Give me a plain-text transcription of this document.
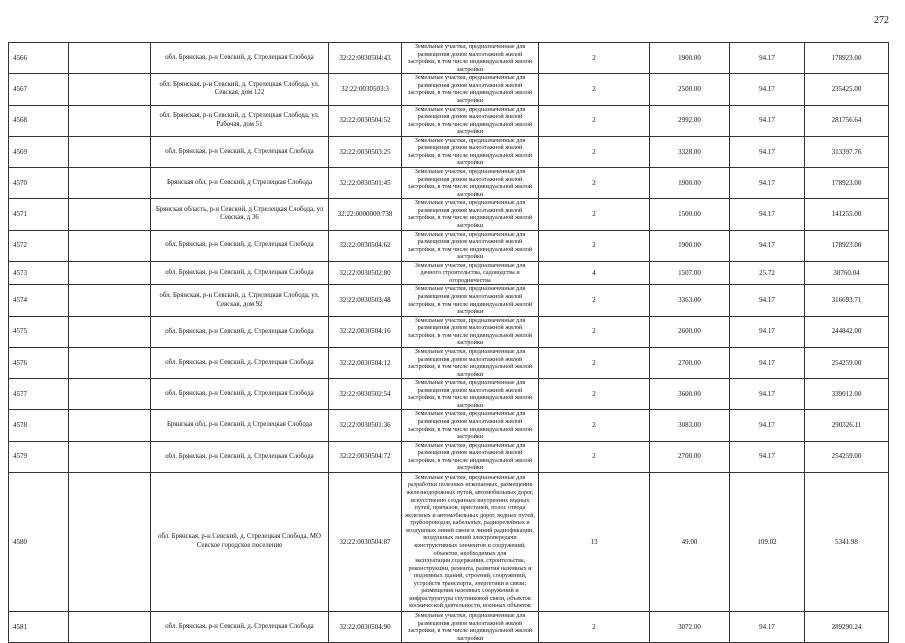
272
4566		обл. Брянская, р-н Севский, д. Стрелецкая Слобода	32:22:0030504:43	Земельные участки, предназначенные для размещения домов малоэтажной жилой застройки, в том числе индивидуальной жилой застройки	2	1900.00	94.17	178923.00
4567		обл. Брянская, р-н Севский, д. Стрелецкая Слобода, ул. Севская, дом 122	32:22:0030503:3	Земельные участки, предназначенные для размещения домов малоэтажной жилой застройки, в том числе индивидуальной жилой застройки	2	2500.00	94.17	235425.00
4568		обл. Брянская, р-н Севский, д. Стрелецкая Слобода, ул. Рабочая, дом 51	32:22:0030504:52	Земельные участки, предназначенные для размещения домов малоэтажной жилой застройки, в том числе индивидуальной жилой застройки	2	2992.00	94.17	281756.64
4569		обл. Брянская, р-н Севский, д. Стрелецкая Слобода	32:22:0030503:25	Земельные участки, предназначенные для размещения домов малоэтажной жилой застройки, в том числе индивидуальной жилой застройки	2	3328.00	94.17	313397.76
4570		Брянская обл, р-н Севский, д Стрелецкая Слобода	32:22:0030501:45	Земельные участки, предназначенные для размещения домов малоэтажной жилой застройки, в том числе индивидуальной жилой застройки	2	1900.00	94.17	178923.00
4571		Брянская область, р-н Севский, д Стрелецкая Слобода, ул Севская, д 36	32:22:0000000:738	Земельные участки, предназначенные для размещения домов малоэтажной жилой застройки, в том числе индивидуальной жилой застройки	2	1500.00	94.17	141255.00
4572		обл. Брянская, р-н Севский, д. Стрелецкая Слобода	32:22:0030504:62	Земельные участки, предназначенные для размещения домов малоэтажной жилой застройки, в том числе индивидуальной жилой застройки	2	1900.00	94.17	178923.00
4573		обл. Брянская, р-н Севский, д. Стрелецкая Слобода	32:22:0030502:80	Земельные участки, предназначенные для дачного строительства, садоводства и огородничества	4	1507.00	25.72	38760.04
4574		обл. Брянская, р-н Севский, д. Стрелецкая Слобода, ул. Севская, дом 92	32:22:0030503:48	Земельные участки, предназначенные для размещения домов малоэтажной жилой застройки, в том числе индивидуальной жилой застройки	2	3363.00	94.17	316693.71
4575		обл. Брянская, р-н Севский, д. Стрелецкая Слобода	32:22:0030504:16	Земельные участки, предназначенные для размещения домов малоэтажной жилой застройки, в том числе индивидуальной жилой застройки	2	2600.00	94.17	244842.00
4576		обл. Брянская, р-н Севский, д. Стрелецкая Слобода	32:22:0030504:12	Земельные участки, предназначенные для размещения домов малоэтажной жилой застройки, в том числе индивидуальной жилой застройки	2	2700.00	94.17	254259.00
4577		обл. Брянская, р-н Севский, д. Стрелецкая Слобода	32:22:0030502:54	Земельные участки, предназначенные для размещения домов малоэтажной жилой застройки, в том числе индивидуальной жилой застройки	2	3600.00	94.17	339012.00
4578		Брянская обл, р-н Севский, д Стрелецкая Слобода	32:22:0030501:36	Земельные участки, предназначенные для размещения домов малоэтажной жилой застройки, в том числе индивидуальной жилой застройки	2	3083.00	94.17	290326.11
4579		обл. Брянская, р-н Севский, д. Стрелецкая Слобода	32:22:0030504:72	Земельные участки, предназначенные для размещения домов малоэтажной жилой застройки, в том числе индивидуальной жилой застройки	2	2700.00	94.17	254259.00
4580		обл. Брянская, р-н Севский, д. Стрелецкая Слобода, МО Севское городское поселение	32:22:0030504:87	Земельные участки, предназначенные для разработки полезных ископаемых, размещения железнодорожных путей, автомобильных дорог, искусственно созданных внутренних водных путей, причалов, пристаней, полос отвода железных и автомобильных дорог, водных путей, трубопроводов, кабельных, радиорелейных и воздушных линий связи и линий радиофикации, воздушных линий электропередачи конструктивных элементов и сооружений, объектов, необходимых для эксплуатации,содержания, строительства, реконструкции, ремонта, развития наземных и подземных зданий, строений, сооружений, устройств транспорта, энергетики и связи; размещения наземных сооружений и инфраструктуры спутниковой связи, объектов космической деятельности, военных объектов	13	49.00	109.02	5341.98
4581		обл. Брянская, р-н Севский, д. Стрелецкая Слобода	32:22:0030504:90	Земельные участки, предназначенные для размещения домов малоэтажной жилой застройки, в том числе индивидуальной жилой застройки	2	3072.00	94.17	289290.24
